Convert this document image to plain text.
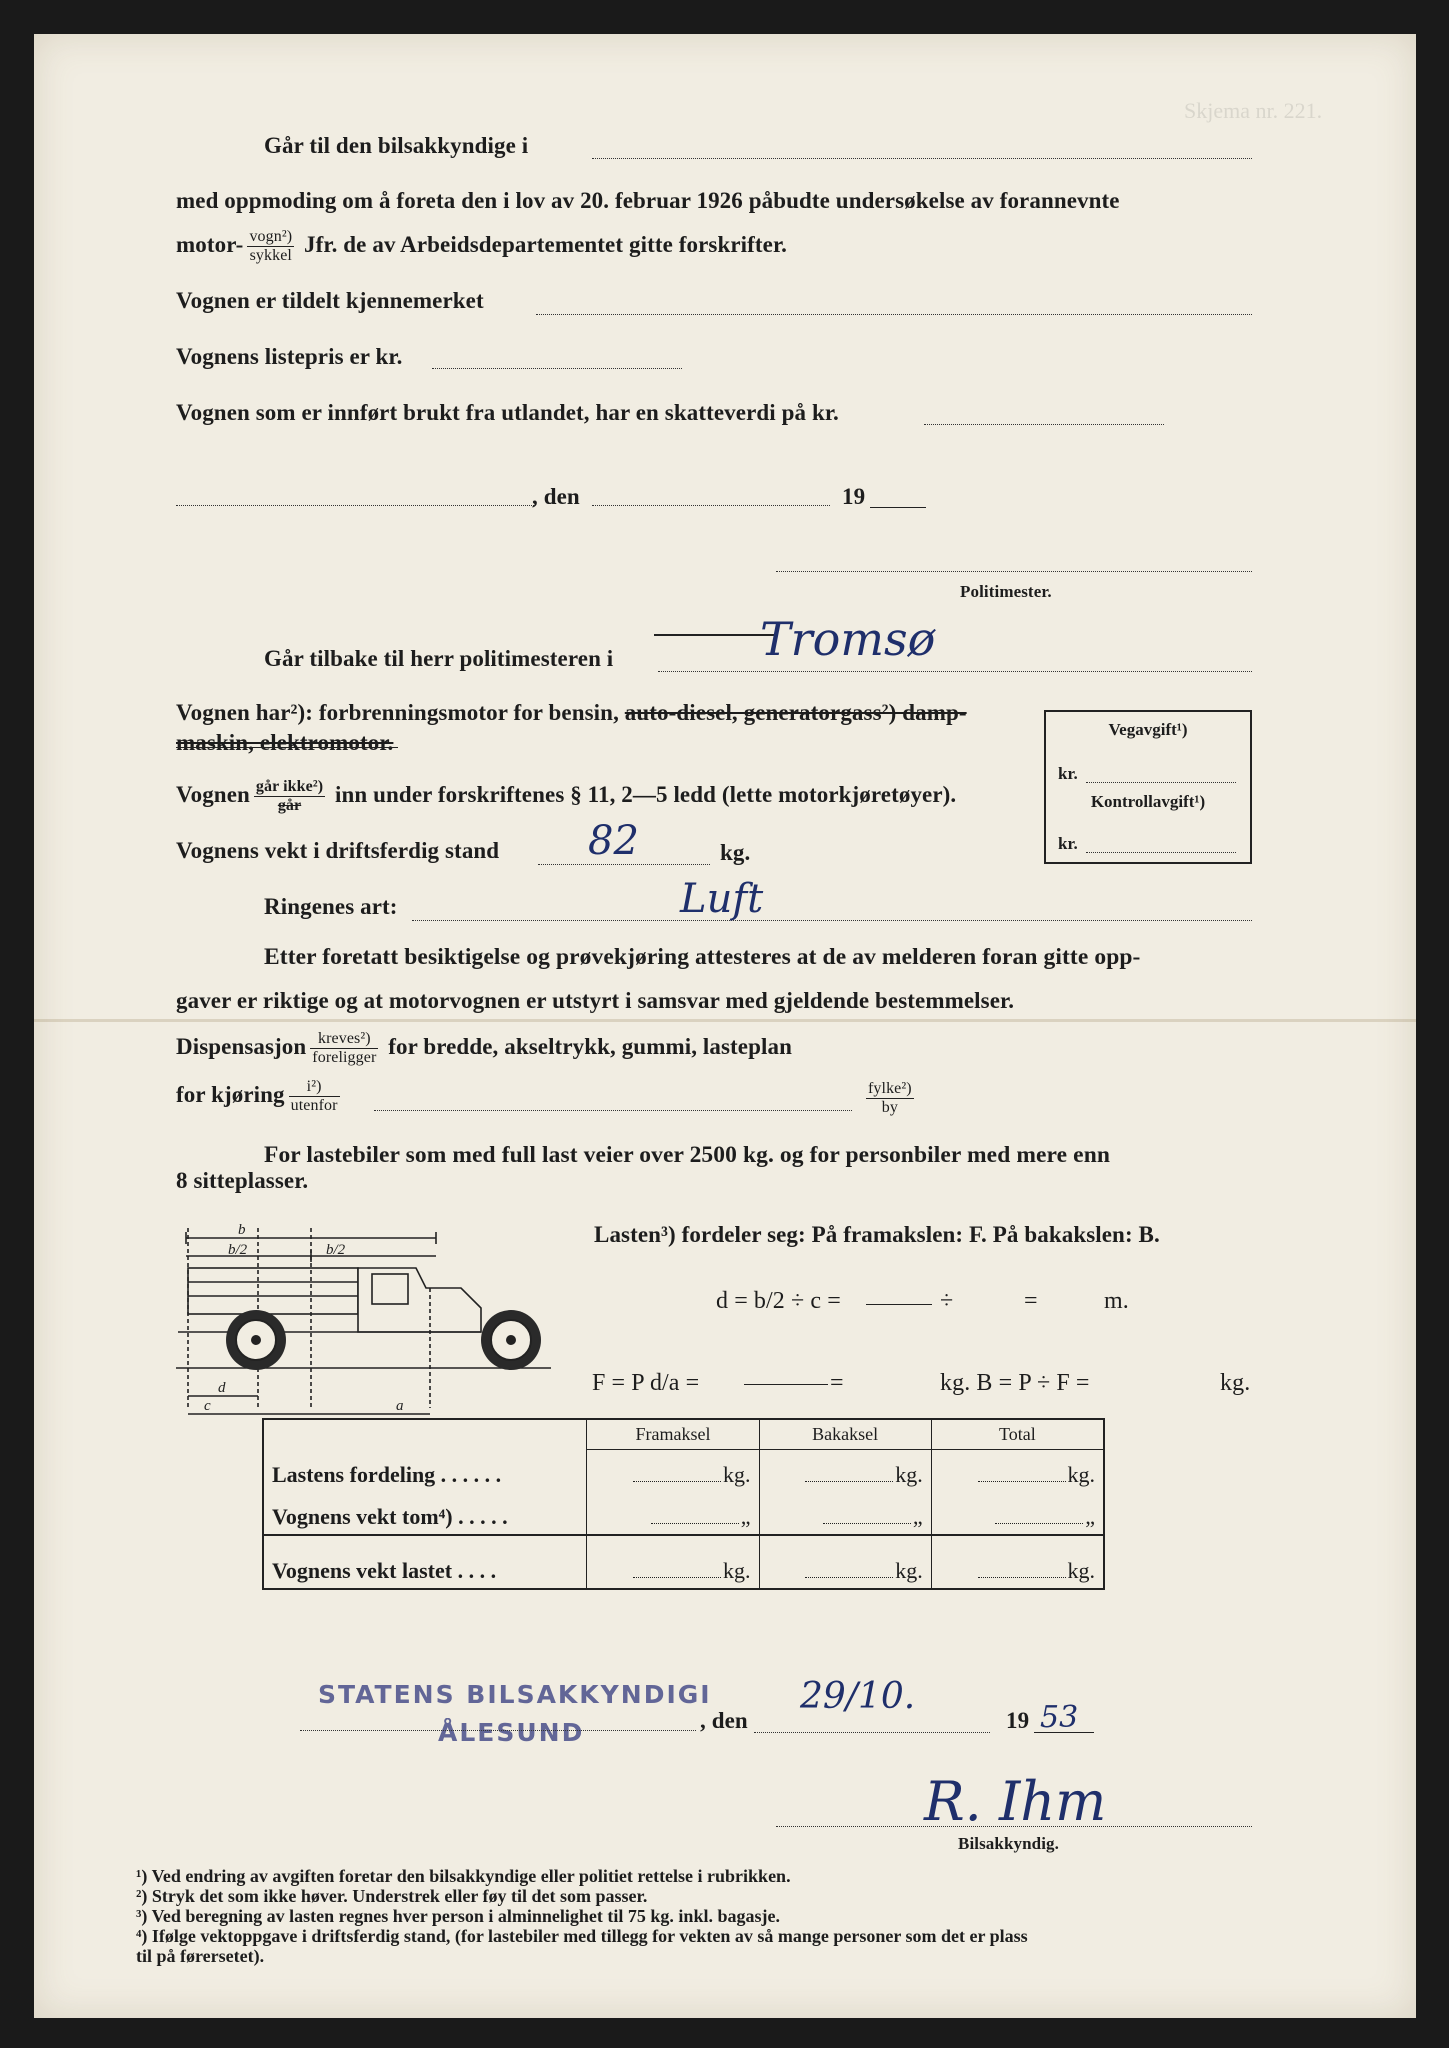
Skjema nr. 221.
Går til den bilsakkyndige i
med oppmoding om å foreta den i lov av 20. februar 1926 påbudte undersøkelse av forannevnte
motor- $\frac{\text{vogn²)}}{\text{sykkel}}$ Jfr. de av Arbeidsdepartementet gitte forskrifter.
Vognen er tildelt kjennemerket
Vognens listepris er kr.
Vognen som er innført brukt fra utlandet, har en skatteverdi på kr.
, den	19
Politimester.
Går tilbake til herr politimesteren i	Tromsø
Vognen har²): forbrenningsmotor for bensin, auto-diesel, generatorgass²) damp-
maskin, elektromotor.
Vegavgift¹)
kr.
Kontrollavgift¹)
kr.
Vognen $\frac{\text{går ikke²)}}{\text{går}}$ inn under forskriftenes § 11, 2—5 ledd (lette motorkjøretøyer).
Vognens vekt i driftsferdig stand 82	kg.
Ringenes art:	Luft
Etter foretatt besiktigelse og prøvekjøring attesteres at de av melderen foran gitte opp-
gaver er riktige og at motorvognen er utstyrt i samsvar med gjeldende bestemmelser.
Dispensasjon $\frac{\text{kreves²)}}{\text{foreligger}}$ for bredde, akseltrykk, gummi, lasteplan
for kjøring $\frac{\text{i²)}}{\text{utenfor}}$	$\frac{\text{fylke²)}}{by}$
For lastebiler som med full last veier over 2500 kg. og for personbiler med mere enn
8 sitteplasser.
b
b/2	b/2
d
c	a
Lasten³) fordeler seg: På framakslen: F. På bakakslen: B.
d = b/2 ÷ c =	÷	=	m.
F = P d/a =	=	kg. B = P ÷ F =	kg.
	Framaksel	Bakaksel	Total
Lastens fordeling . . . . . .	kg.	kg.	kg.
Vognens vekt tom⁴) . . . . .	„	„	„
Vognens vekt lastet . . . .	kg.	kg.	kg.
STATENS BILSAKKYNDIGI
ÅLESUND	, den
29/10.
19 53
R. Ihm
Bilsakkyndig.
¹) Ved endring av avgiften foretar den bilsakkyndige eller politiet rettelse i rubrikken.
²) Stryk det som ikke høver. Understrek eller føy til det som passer.
³) Ved beregning av lasten regnes hver person i alminnelighet til 75 kg. inkl. bagasje.
⁴) Ifølge vektoppgave i driftsferdig stand, (for lastebiler med tillegg for vekten av så mange personer som det er plass
til på førersetet).
